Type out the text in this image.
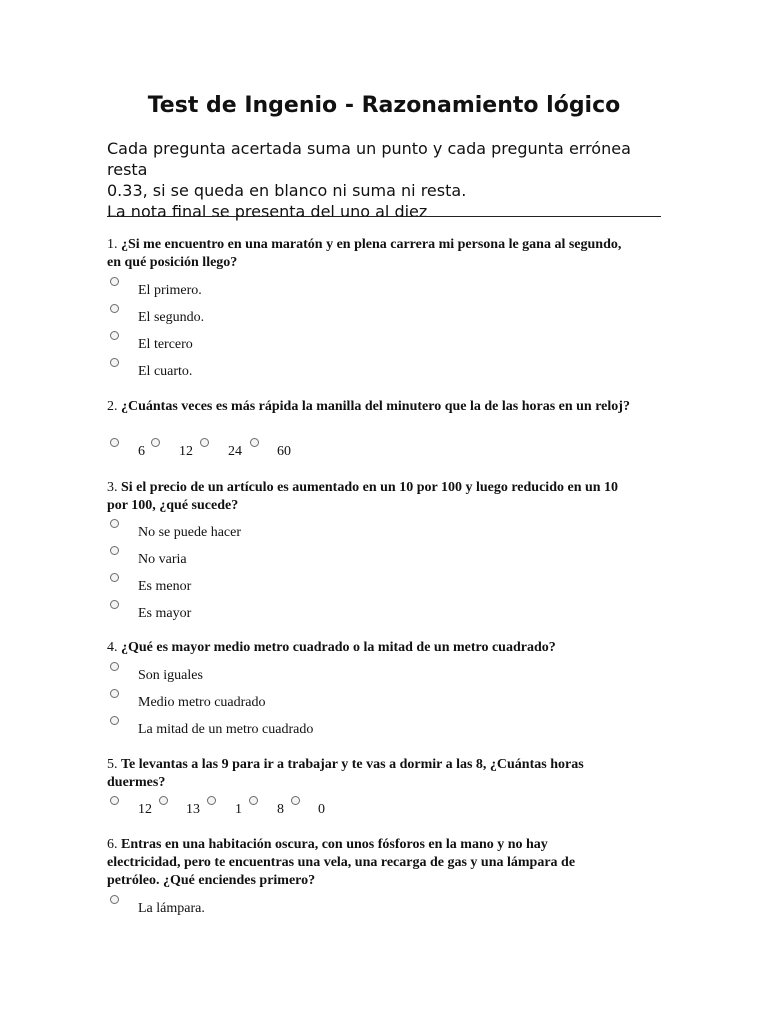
Test de Ingenio - Razonamiento lógico

Cada pregunta acertada suma un punto y cada pregunta errónea resta
0.33, si se queda en blanco ni suma ni resta.
La nota final se presenta del uno al diez

1. ¿Si me encuentro en una maratón y en plena carrera mi persona le gana al segundo, en qué posición llego?

El primero.
El segundo.
El tercero
El cuarto.

2. ¿Cuántas veces es más rápida la manilla del minutero que la de las horas en un reloj?

6 12	24	60

3. Si el precio de un artículo es aumentado en un 10 por 100 y luego reducido en un 10 por 100, ¿qué sucede?

No se puede hacer
No varia
Es menor
Es mayor

4. ¿Qué es mayor medio metro cuadrado o la mitad de un metro cuadrado?

Son iguales
Medio metro cuadrado
La mitad de un metro cuadrado

5. Te levantas a las 9 para ir a trabajar y te vas a dormir a las 8, ¿Cuántas horas duermes?

12 13	1	8 0

6. Entras en una habitación oscura, con unos fósforos en la mano y no hay electricidad, pero te encuentras una vela, una recarga de gas y una lámpara de petróleo. ¿Qué enciendes primero?

La lámpara.
